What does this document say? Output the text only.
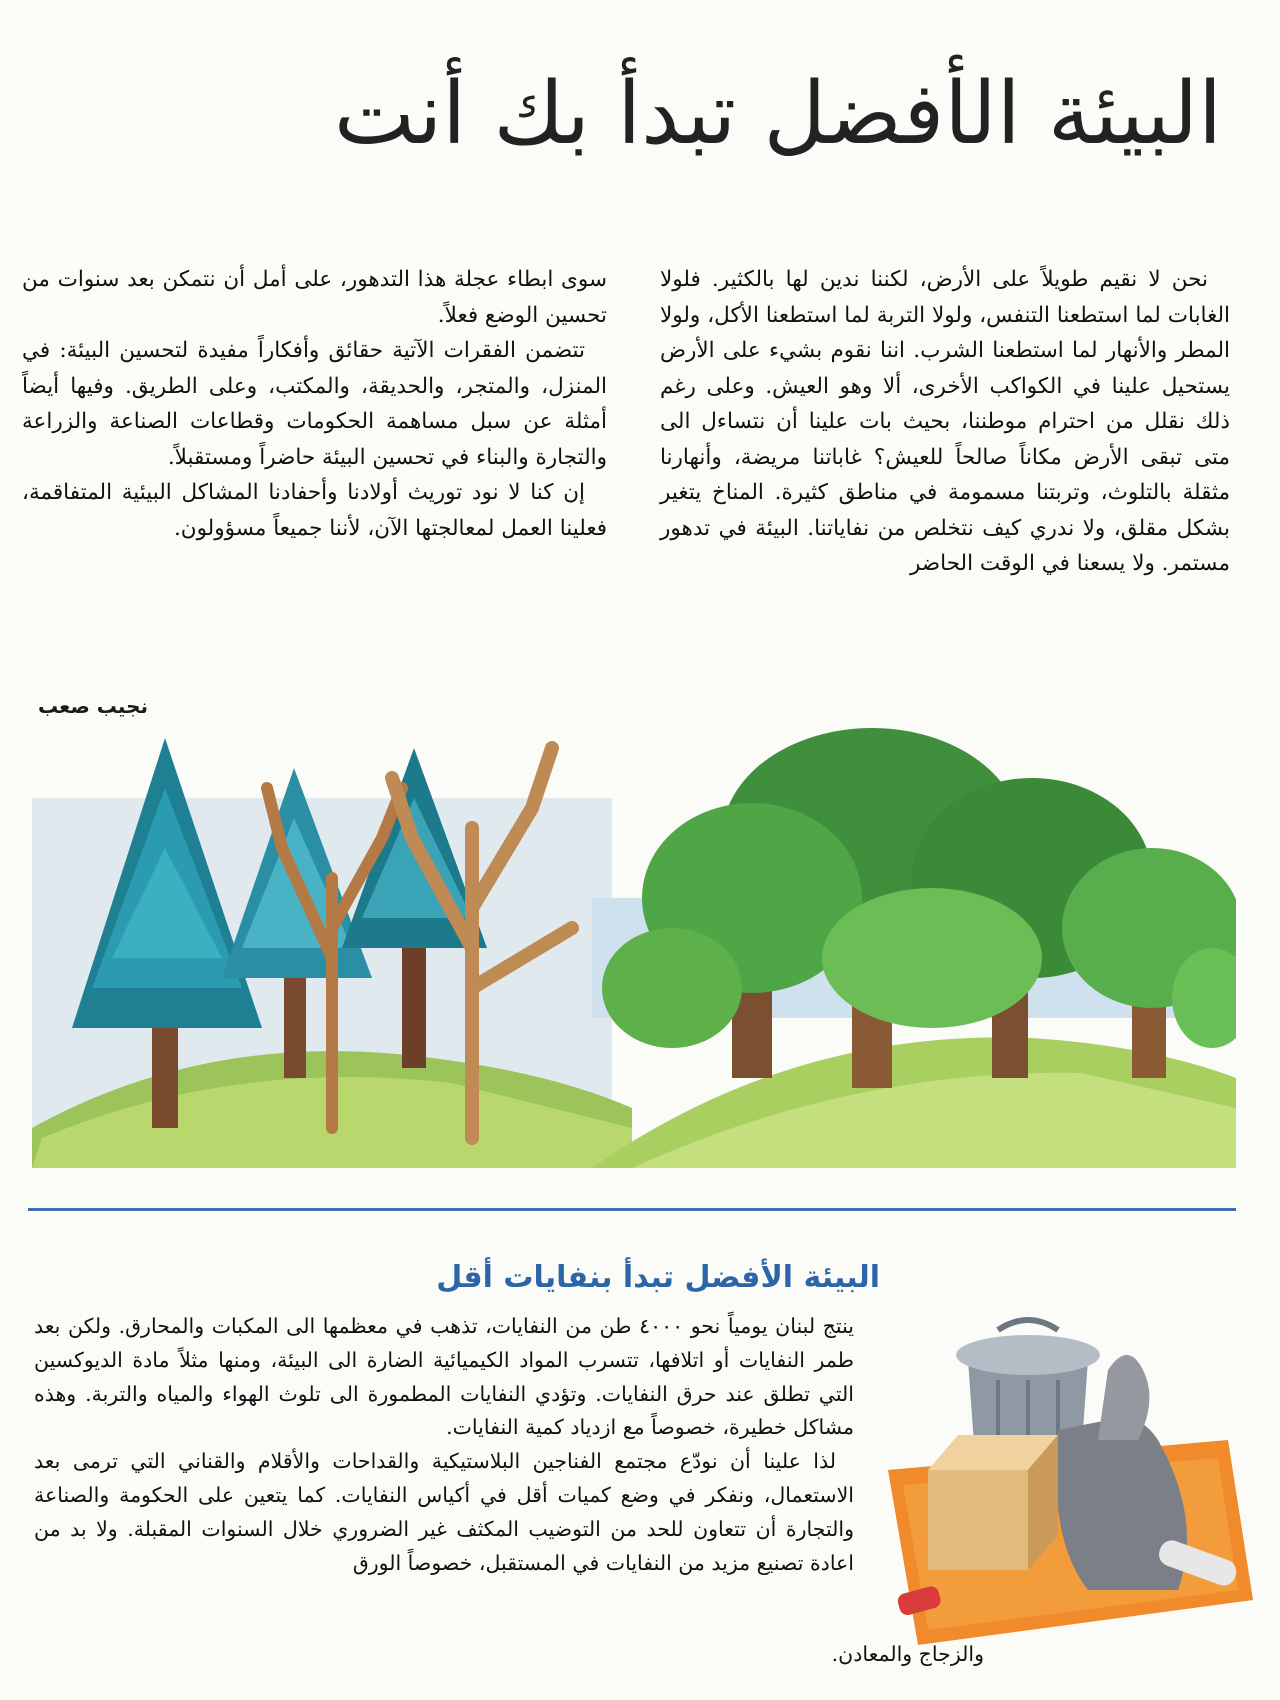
البيئة الأفضل تبدأ بك أنت

نحن لا نقيم طويلاً على الأرض، لكننا ندين لها بالكثير. فلولا الغابات لما استطعنا التنفس، ولولا التربة لما استطعنا الأكل، ولولا المطر والأنهار لما استطعنا الشرب. اننا نقوم بشيء على الأرض يستحيل علينا في الكواكب الأخرى، ألا وهو العيش. وعلى رغم ذلك نقلل من احترام موطننا، بحيث بات علينا أن نتساءل الى متى تبقى الأرض مكاناً صالحاً للعيش؟ غاباتنا مريضة، وأنهارنا مثقلة بالتلوث، وتربتنا مسمومة في مناطق كثيرة. المناخ يتغير بشكل مقلق، ولا ندري كيف نتخلص من نفاياتنا. البيئة في تدهور مستمر. ولا يسعنا في الوقت الحاضر

سوى ابطاء عجلة هذا التدهور، على أمل أن نتمكن بعد سنوات من تحسين الوضع فعلاً.

تتضمن الفقرات الآتية حقائق وأفكاراً مفيدة لتحسين البيئة: في المنزل، والمتجر، والحديقة، والمكتب، وعلى الطريق. وفيها أيضاً أمثلة عن سبل مساهمة الحكومات وقطاعات الصناعة والزراعة والتجارة والبناء في تحسين البيئة حاضراً ومستقبلاً.

إن كنا لا نود توريث أولادنا وأحفادنا المشاكل البيئية المتفاقمة، فعلينا العمل لمعالجتها الآن، لأننا جميعاً مسؤولون.

نجيب صعب
البيئة الأفضل تبدأ بنفايات أقل

ينتج لبنان يومياً نحو ٤٠٠٠ طن من النفايات، تذهب في معظمها الى المكبات والمحارق. ولكن بعد طمر النفايات أو اتلافها، تتسرب المواد الكيميائية الضارة الى البيئة، ومنها مثلاً مادة الديوكسين التي تطلق عند حرق النفايات. وتؤدي النفايات المطمورة الى تلوث الهواء والمياه والتربة. وهذه مشاكل خطيرة، خصوصاً مع ازدياد كمية النفايات.

لذا علينا أن نودّع مجتمع الفناجين البلاستيكية والقداحات والأقلام والقناني التي ترمى بعد الاستعمال، ونفكر في وضع كميات أقل في أكياس النفايات. كما يتعين على الحكومة والصناعة والتجارة أن تتعاون للحد من التوضيب المكثف غير الضروري خلال السنوات المقبلة. ولا بد من اعادة تصنيع مزيد من النفايات في المستقبل، خصوصاً الورق

والزجاج والمعادن.
